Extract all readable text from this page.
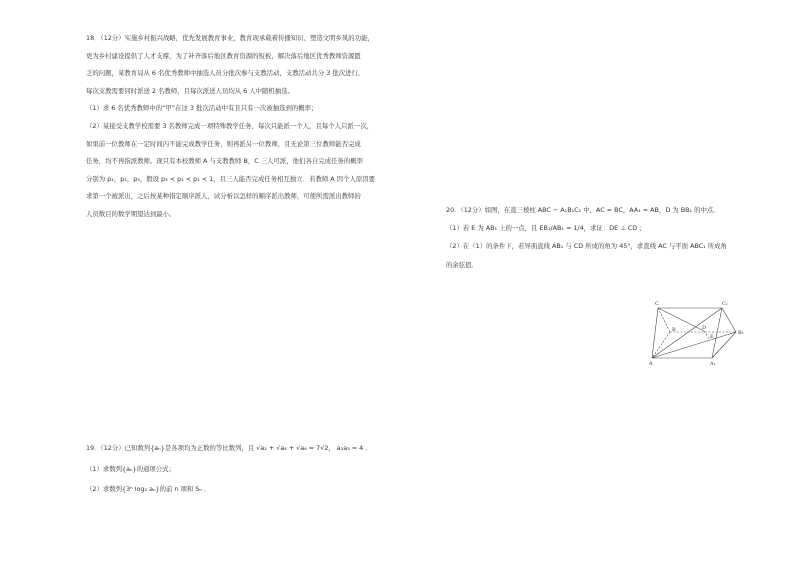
18．（12分）实施乡村振兴战略，优先发展教育事业，教育现承载着传播知识、塑造文明乡风的功能，
更为乡村建设提供了人才支撑，为了补齐落后地区教育资源的短板，解决落后地区优秀教师资源匮
乏的问题，某教育局从 6 名优秀教师中抽选人员分批次参与支教活动，支教活动共分 3 批次进行，
每次支教需要同时派送 2 名教师，且每次派送人员均从 6 人中随机抽选。
（1）求 6 名优秀教师中的“甲”在这 3 批次活动中有且只有一次被抽选到的概率；
（2）某接受支教学校需要 3 名教师完成一项特殊教学任务，每次只能派一个人，且每个人只派一次，
如果前一位教师在一定时间内不能完成教学任务，则再派另一位教师，且无论第三位教师能否完成
任务，均不再指派教师。现只有本校教师 A 与支教教师 B，C 三人可派，他们各自完成任务的概率
分别为 p₁，p₂，p₃，假设 p₃ < p₂ < p₁ < 1，且三人能否完成任务相互独立．若教师 A 因个人原因要
求第一个被派出，之后按某种指定顺序派人，试分析以怎样的顺序派出教师，可使所需派出教师的
人员数目的数学期望达到最小。
19．（12分）已知数列{aₙ}是各项均为正数的等比数列，且 √a₂ + √a₄ + √a₆ = 7√2， a₂a₃ = 4 ．
（1）求数列{aₙ}的通项公式；
（2）求数列{3ⁿ log₂ aₙ}的前 n 项和 Sₙ ．
20．（12分）如图，在直三棱柱 ABC − A₁B₁C₁ 中，AC = BC，AA₁ = AB，D 为 BB₁ 的中点．
（1）若 E 为 AB₁ 上的一点，且 EB₁/AB₁ = 1/4，求证：DE ⊥ CD ；
（2）在（1）的条件下，若异面直线 AB₁ 与 CD 所成的角为 45°，求直线 AC 与平面 ABC₁ 所成角
的余弦值．
C	C₁
B	B₁
D
E
A	A₁
